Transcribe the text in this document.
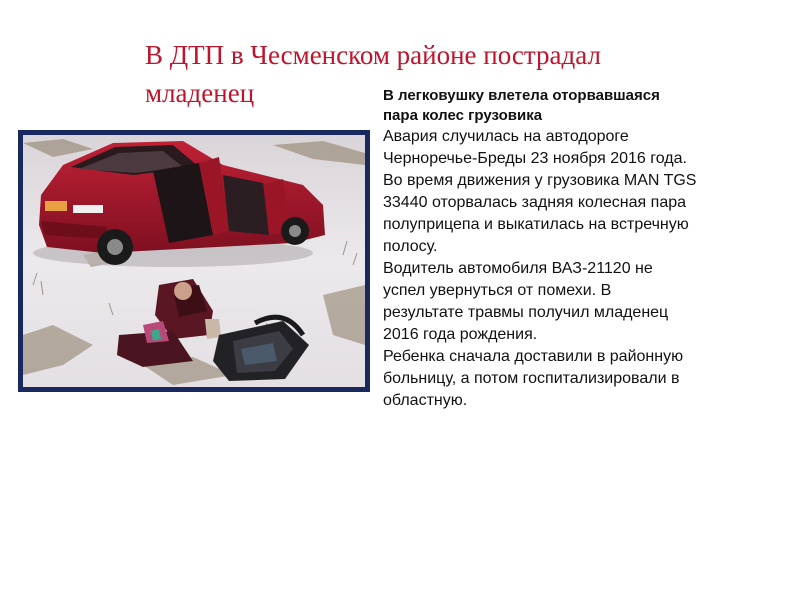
В ДТП в Чесменском районе пострадал
младенец	В легковушку влетела оторвавшаяся
пара колес грузовика

Авария случилась на автодороге
Черноречье-Бреды 23 ноября 2016 года.
Во время движения у грузовика MAN TGS
33440 оторвалась задняя колесная пара
полуприцепа и выкатилась на встречную
полосу.

Водитель автомобиля ВАЗ-21120 не
успел увернуться от помехи. В
результате травмы получил младенец
2016 года рождения.

Ребенка сначала доставили в районную
больницу, а потом госпитализировали в
областную.
